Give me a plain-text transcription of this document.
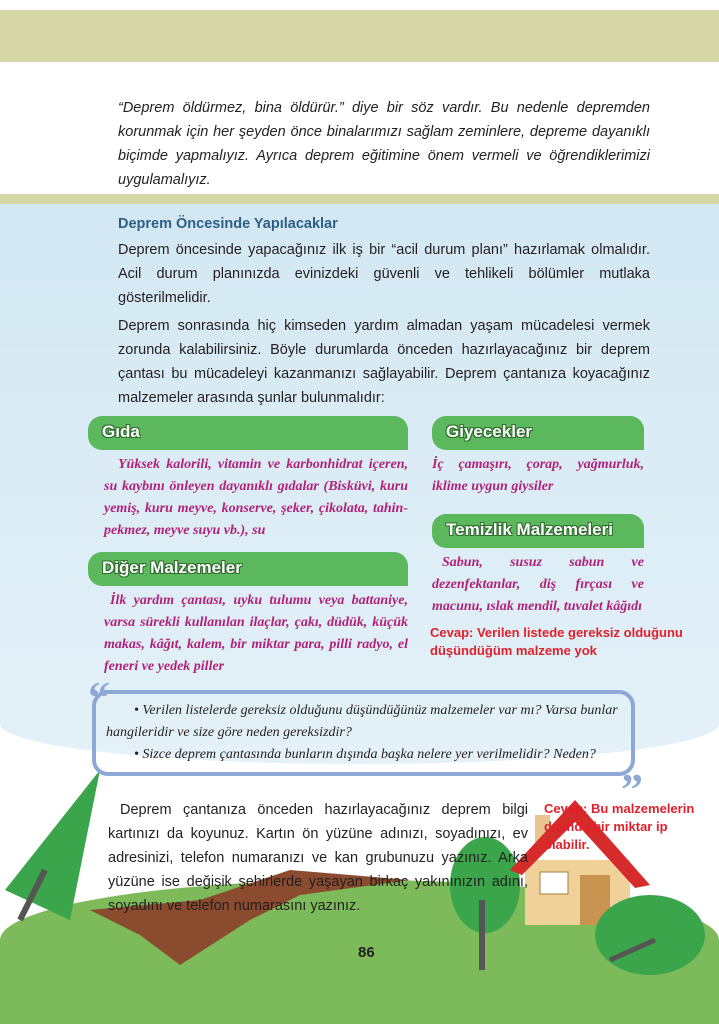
“Deprem öldürmez, bina öldürür.” diye bir söz vardır. Bu nedenle depremden korunmak için her şeyden önce binalarımızı sağlam zeminlere, depreme dayanıklı biçimde yapmalıyız. Ayrıca deprem eğitimine önem vermeli ve öğrendiklerimizi uygulamalıyız.

Deprem Öncesinde Yapılacaklar

Deprem öncesinde yapacağınız ilk iş bir “acil durum planı” hazırlamak olmalıdır. Acil durum planınızda evinizdeki güvenli ve tehlikeli bölümler mutlaka gösterilmelidir.

Deprem sonrasında hiç kimseden yardım almadan yaşam mücadelesi vermek zorunda kalabilirsiniz. Böyle durumlarda önceden hazırlayacağınız bir deprem çantası bu mücadeleyi kazanmanızı sağlayabilir. Deprem çantanıza koyacağınız malzemeler arasında şunlar bulunmalıdır:

Gıda

Yüksek kalorili, vitamin ve karbonhidrat içeren, su kaybını önleyen dayanıklı gıdalar (Bisküvi, kuru yemiş, kuru meyve, konserve, şeker, çikolata, tahin-pekmez, meyve suyu vb.), su

Diğer Malzemeler

İlk yardım çantası, uyku tulumu veya battaniye, varsa sürekli kullanılan ilaçlar, çakı, düdük, küçük makas, kâğıt, kalem, bir miktar para, pilli radyo, el feneri ve yedek piller

Giyecekler

İç çamaşırı, çorap, yağmurluk, iklime uygun giysiler

Temizlik Malzemeleri

Sabun, susuz sabun ve dezenfektanlar, diş fırçası ve macunu, ıslak mendil, tuvalet kâğıdı

Cevap: Verilen listede gereksiz olduğunu düşündüğüm malzeme yok

• Verilen listelerde gereksiz olduğunu düşündüğünüz malzemeler var mı? Varsa bunlar hangileridir ve size göre neden gereksizdir?

• Sizce deprem çantasında bunların dışında başka nelere yer verilmelidir? Neden?

“
”

Deprem çantanıza önceden hazırlayacağınız deprem bilgi kartınızı da koyunuz. Kartın ön yüzüne adınızı, soyadınızı, ev adresinizi, telefon numaranızı ve kan grubunuzu yazınız. Arka yüzüne ise değişik şehirlerde yaşayan birkaç yakınınızın adını, soyadını ve telefon numarasını yazınız.

Cevap: Bu malzemelerin dışında bir miktar ip olabilir.

86
